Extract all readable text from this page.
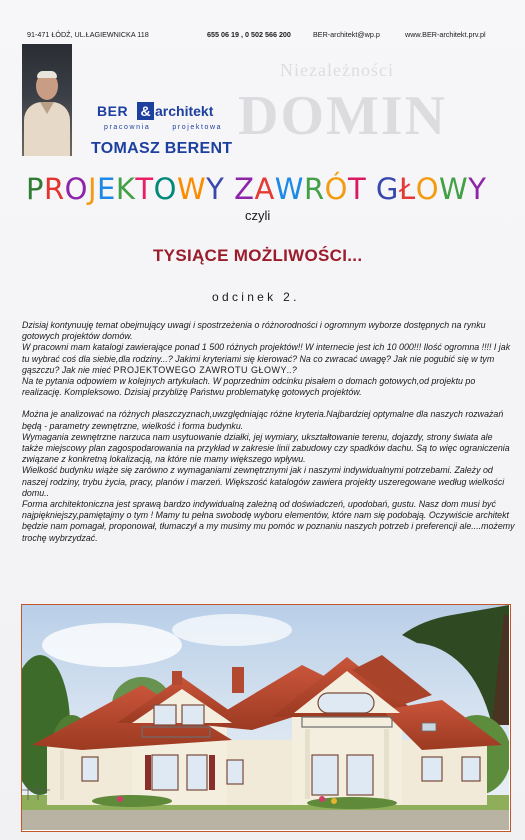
Niezależności
DOMIN
91-471 ŁÓDŹ, UL.ŁAGIEWNICKA 118	655 06 19 , 0 502 566 200	BER-architekt@wp.p	www.BER-architekt.prv.pl
BER & architekt
pracownia	projektowa
TOMASZ BERENT
PROJEKTOWY ZAWRÓT GŁOWY
czyli
TYSIĄCE MOŻLIWOŚCI...
odcinek 2.

Dzisiaj kontynuuję temat obejmujący uwagi i spostrzeżenia o różnorodności i ogromnym wyborze dostępnych na rynku gotowych projektów domów.

W pracowni mam katalogi zawierające ponad 1 500 różnych projektów!! W internecie jest ich 10 000!!! Ilość ogromna !!!! I jak tu wybrać coś dla siebie,dla rodziny...? Jakimi kryteriami się kierować? Na co zwracać uwagę? Jak nie pogubić się w tym gąszczu? Jak nie mieć PROJEKTOWEGO ZAWROTU GŁOWY..?

Na te pytania odpowiem w kolejnych artykułach. W poprzednim odcinku pisałem o domach gotowych,od projektu po realizację. Kompleksowo. Dzisiaj przybliżę Państwu problematykę gotowych projektów.

Można je analizować na różnych płaszczyznach,uwzględniając różne kryteria.Najbardziej optymalne dla naszych rozważań będą - parametry zewnętrzne, wielkość i forma budynku.

Wymagania zewnętrzne narzuca nam usytuowanie działki, jej wymiary, ukształtowanie terenu, dojazdy, strony świata ale także miejscowy plan zagospodarowania na przykład w zakresie linii zabudowy czy spadków dachu. Są to więc ograniczenia związane z konkretną lokalizacją, na które nie mamy większego wpływu.

Wielkość budynku wiąże się zarówno z wymaganiami zewnętrznymi jak i naszymi indywidualnymi potrzebami. Zależy od naszej rodziny, trybu życia, pracy, planów i marzeń. Większość katalogów zawiera projekty uszeregowane według wielkości domu..

Forma architektoniczna jest sprawą bardzo indywidualną zależną od doświadczeń, upodobań, gustu. Nasz dom musi być najpiękniejszy,pamiętajmy o tym ! Mamy tu pełna swobodę wyboru elementów, które nam się podobają. Oczywiście architekt będzie nam pomagał, proponował, tłumaczył a my musimy mu pomóc w poznaniu naszych potrzeb i preferencji ale....możemy trochę wybrzydzać.
